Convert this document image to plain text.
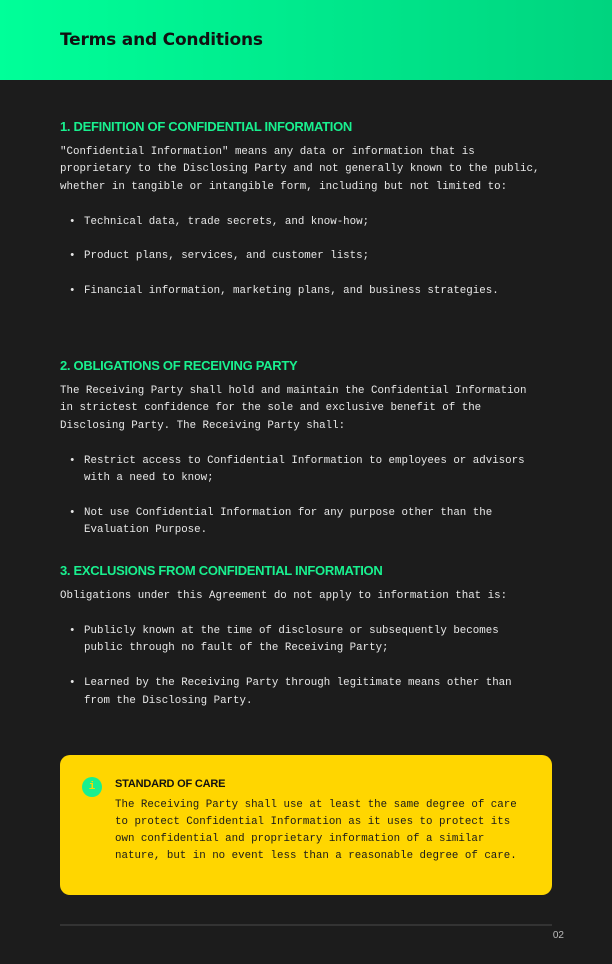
Terms and Conditions
1. DEFINITION OF CONFIDENTIAL INFORMATION
"Confidential Information" means any data or information that is
proprietary to the Disclosing Party and not generally known to the public,
whether in tangible or intangible form, including but not limited to:

• Technical data, trade secrets, and know-how;

• Product plans, services, and customer lists;

• Financial information, marketing plans, and business strategies.

2. OBLIGATIONS OF RECEIVING PARTY
The Receiving Party shall hold and maintain the Confidential Information
in strictest confidence for the sole and exclusive benefit of the
Disclosing Party. The Receiving Party shall:

• Restrict access to Confidential Information to employees or advisors
with a need to know;

• Not use Confidential Information for any purpose other than the
Evaluation Purpose.

3. EXCLUSIONS FROM CONFIDENTIAL INFORMATION
Obligations under this Agreement do not apply to information that is:

• Publicly known at the time of disclosure or subsequently becomes
public through no fault of the Receiving Party;

• Learned by the Receiving Party through legitimate means other than
from the Disclosing Party.

i	STANDARD OF CARE
The Receiving Party shall use at least the same degree of care
to protect Confidential Information as it uses to protect its
own confidential and proprietary information of a similar
nature, but in no event less than a reasonable degree of care.
02
